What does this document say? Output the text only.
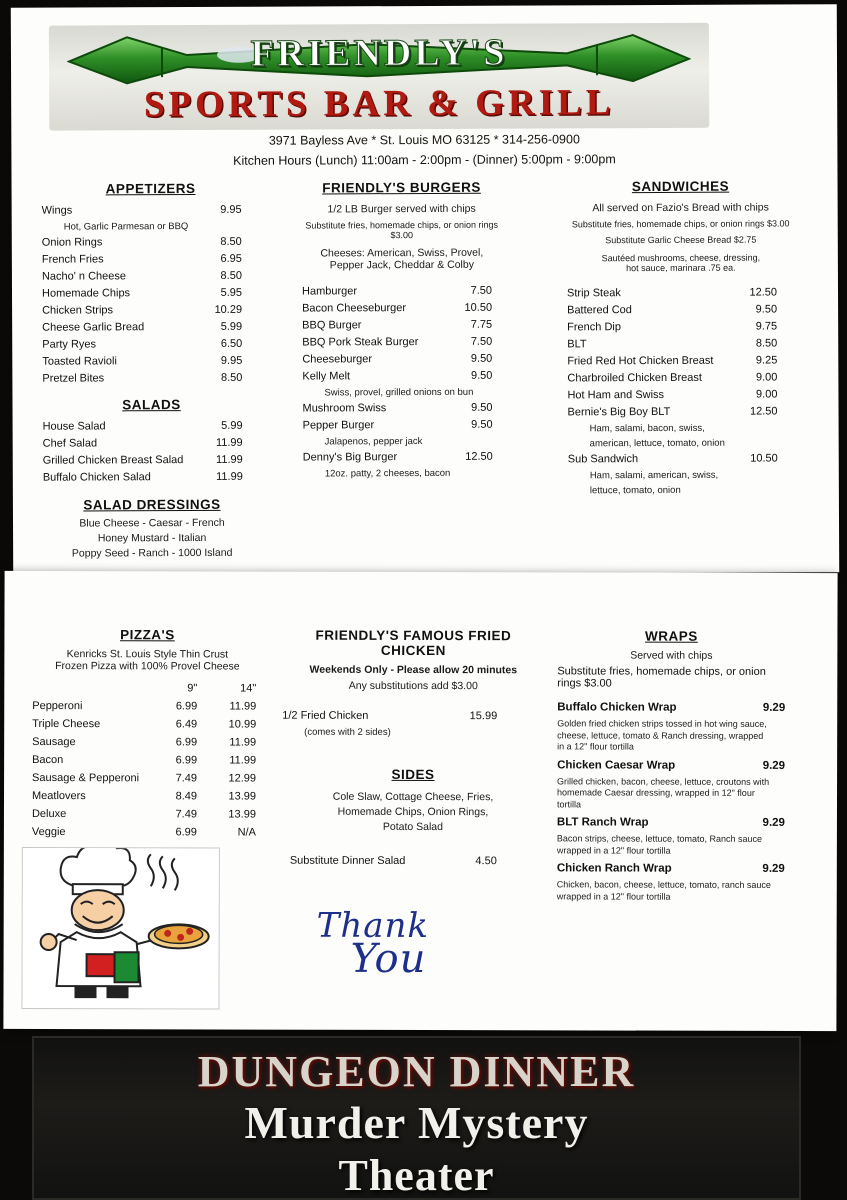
FRIENDLY'S
SPORTS BAR & GRILL
3971 Bayless Ave * St. Louis MO 63125 * 314-256-0900
Kitchen Hours (Lunch) 11:00am - 2:00pm - (Dinner) 5:00pm - 9:00pm
APPETIZERS
Wings	9.95
Hot, Garlic Parmesan or BBQ
Onion Rings	8.50
French Fries	6.95
Nacho' n Cheese	8.50
Homemade Chips	5.95
Chicken Strips	10.29
Cheese Garlic Bread	5.99
Party Ryes	6.50
Toasted Ravioli	9.95
Pretzel Bites	8.50
SALADS
House Salad	5.99
Chef Salad	11.99
Grilled Chicken Breast Salad	11.99
Buffalo Chicken Salad	11.99
SALAD DRESSINGS
Blue Cheese - Caesar - French
Honey Mustard - Italian
Poppy Seed - Ranch - 1000 Island
FRIENDLY'S BURGERS
1/2 LB Burger served with chips
Substitute fries, homemade chips, or onion rings $3.00
Cheeses: American, Swiss, Provel,
Pepper Jack, Cheddar & Colby
Hamburger	7.50
Bacon Cheeseburger	10.50
BBQ Burger	7.75
BBQ Pork Steak Burger	7.50
Cheeseburger	9.50
Kelly Melt	9.50
Swiss, provel, grilled onions on bun
Mushroom Swiss	9.50
Pepper Burger	9.50
Jalapenos, pepper jack
Denny's Big Burger	12.50
12oz. patty, 2 cheeses, bacon
SANDWICHES
All served on Fazio's Bread with chips
Substitute fries, homemade chips, or onion rings $3.00
Substitute Garlic Cheese Bread $2.75
Sautéed mushrooms, cheese, dressing,
hot sauce, marinara .75 ea.
Strip Steak	12.50
Battered Cod	9.50
French Dip	9.75
BLT	8.50
Fried Red Hot Chicken Breast	9.25
Charbroiled Chicken Breast	9.00
Hot Ham and Swiss	9.00
Bernie's Big Boy BLT	12.50
Ham, salami, bacon, swiss,
american, lettuce, tomato, onion
Sub Sandwich	10.50
Ham, salami, american, swiss,
lettuce, tomato, onion
PIZZA'S
Kenricks St. Louis Style Thin Crust
Frozen Pizza with 100% Provel Cheese
9"	14"
Pepperoni	6.99	11.99
Triple Cheese	6.49	10.99
Sausage	6.99	11.99
Bacon	6.99	11.99
Sausage & Pepperoni	7.49	12.99
Meatlovers	8.49	13.99
Deluxe	7.49	13.99
Veggie	6.99	N/A
FRIENDLY'S FAMOUS FRIED CHICKEN
Weekends Only - Please allow 20 minutes
Any substitutions add $3.00
1/2 Fried Chicken	15.99
(comes with 2 sides)
SIDES
Cole Slaw, Cottage Cheese, Fries,
Homemade Chips, Onion Rings,
Potato Salad
Substitute Dinner Salad	4.50
Thank
You
WRAPS
Served with chips
Substitute fries, homemade chips, or onion
rings $3.00
Buffalo Chicken Wrap	9.29
Golden fried chicken strips tossed in hot wing sauce, cheese, lettuce, tomato & Ranch dressing, wrapped in a 12" flour tortilla
Chicken Caesar Wrap	9.29
Grilled chicken, bacon, cheese, lettuce, croutons with homemade Caesar dressing, wrapped in 12" flour tortilla
BLT Ranch Wrap	9.29
Bacon strips, cheese, lettuce, tomato, Ranch sauce wrapped in a 12" flour tortilla
Chicken Ranch Wrap	9.29
Chicken, bacon, cheese, lettuce, tomato, ranch sauce wrapped in a 12" flour tortilla
DUNGEON DINNER
Murder Mystery
Theater
